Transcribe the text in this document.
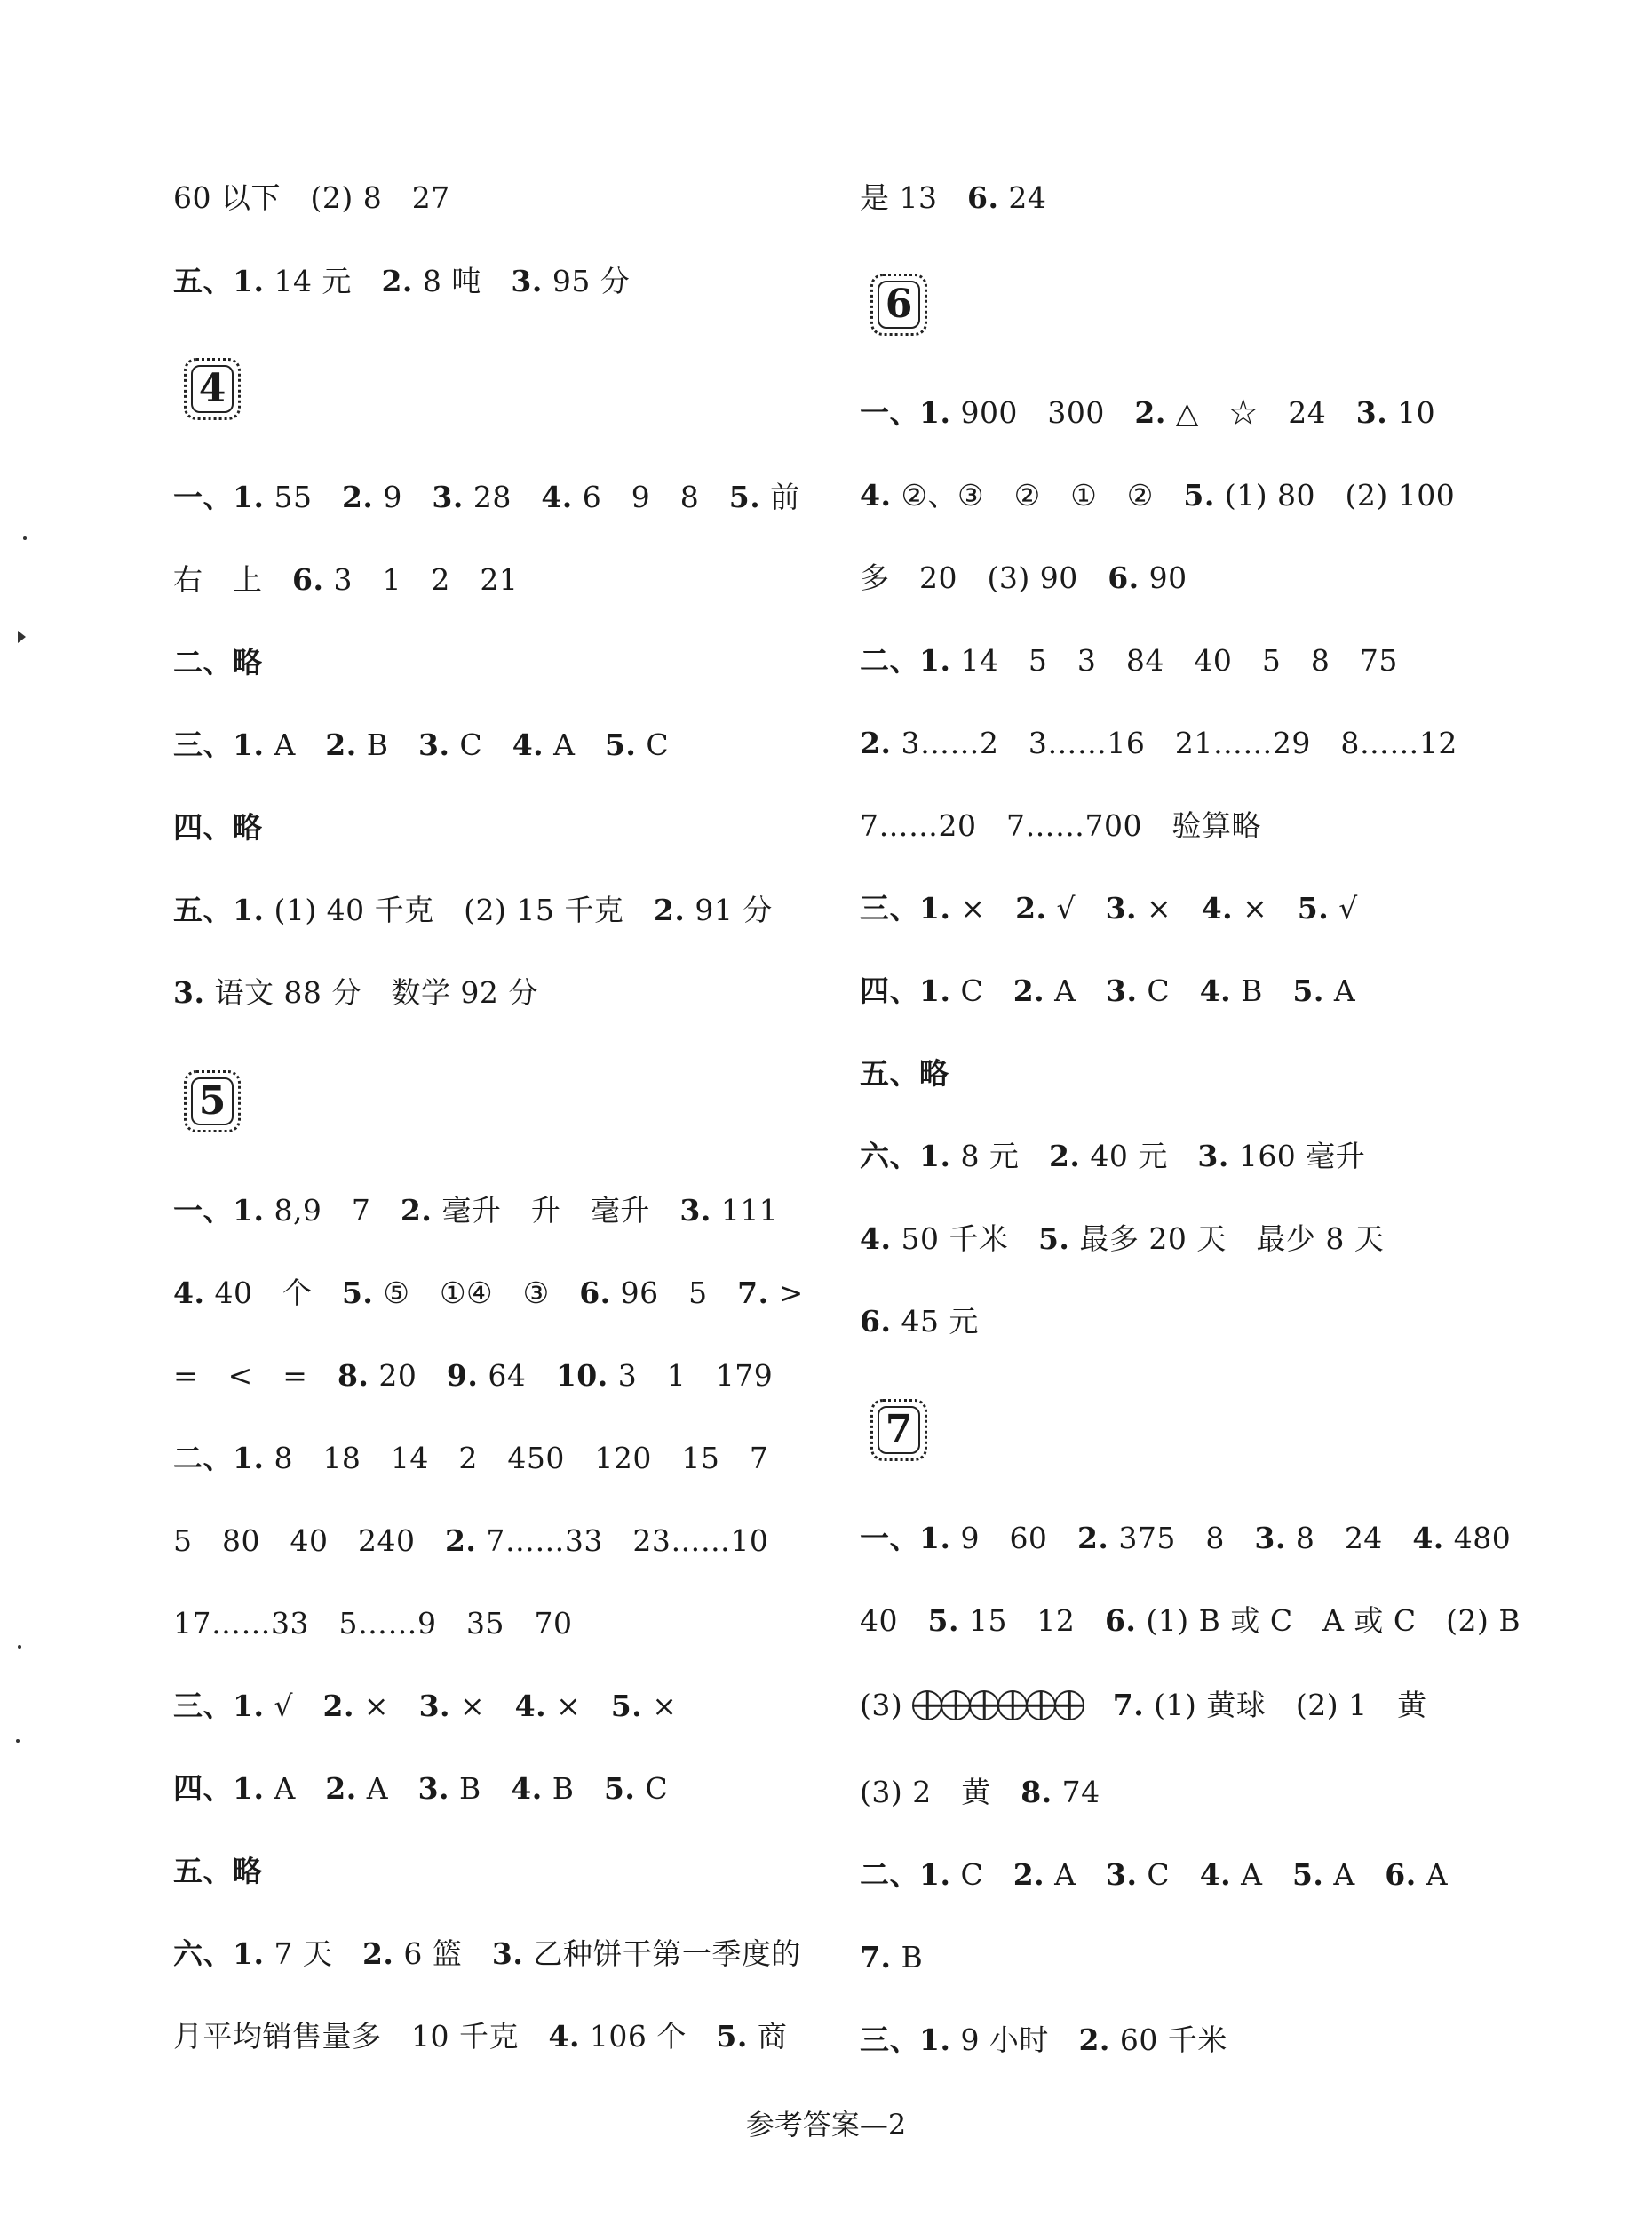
60 以下　(2) 8　27
五、1. 14 元　2. 8 吨　3. 95 分
4
一、1. 55　2. 9　3. 28　4. 6　9　8　5. 前
右　上　6. 3　1　2　21
二、略
三、1. A　2. B　3. C　4. A　5. C
四、略
五、1. (1) 40 千克　(2) 15 千克　2. 91 分
3. 语文 88 分　数学 92 分
5
一、1. 8,9　7　2. 毫升　升　毫升　3. 111
4. 40　个　5. ⑤　①④　③　6. 96　5　7. >
=　<　=　8. 20　9. 64　10. 3　1　179
二、1. 8　18　14　2　450　120　15　7
5　80　40　240　2. 7……33　23……10
17……33　5……9　35　70
三、1. √　2. ×　3. ×　4. ×　5. ×
四、1. A　2. A　3. B　4. B　5. C
五、略
六、1. 7 天　2. 6 篮　3. 乙种饼干第一季度的
月平均销售量多　10 千克　4. 106 个　5. 商
是 13　6. 24
6
一、1. 900　300　2. △　☆　24　3. 10
4. ②、③　②　①　②　5. (1) 80　(2) 100
多　20　(3) 90　6. 90
二、1. 14　5　3　84　40　5　8　75
2. 3……2　3……16　21……29　8……12
7……20　7……700　验算略
三、1. ×　2. √　3. ×　4. ×　5. √
四、1. C　2. A　3. C　4. B　5. A
五、略
六、1. 8 元　2. 40 元　3. 160 毫升
4. 50 千米　5. 最多 20 天　最少 8 天
6. 45 元
7
一、1. 9　60　2. 375　8　3. 8　24　4. 480
40　5. 15　12　6. (1) B 或 C　A 或 C　(2) B
(3) 　	7. (1) 黄球　(2) 1　黄
(3) 2　黄　8. 74
二、1. C　2. A　3. C　4. A　5. A　6. A
7. B
三、1. 9 小时　2. 60 千米
参考答案—2
